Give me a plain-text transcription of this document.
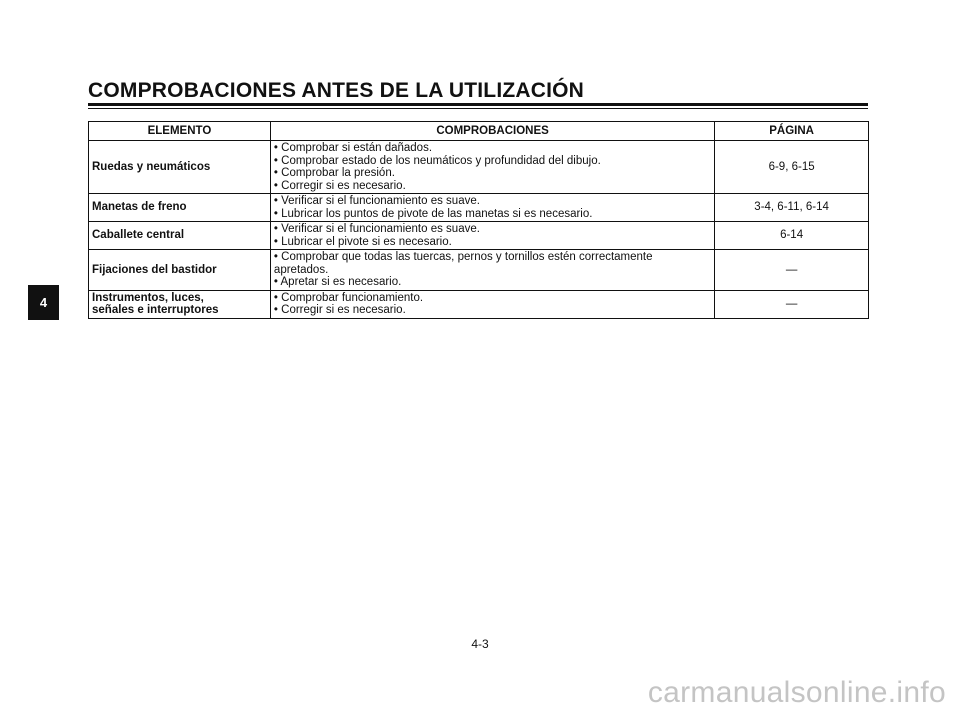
COMPROBACIONES ANTES DE LA UTILIZACIÓN
ELEMENTO	COMPROBACIONES	PÁGINA

Ruedas y neumáticos	• Comprobar si están dañados.
• Comprobar estado de los neumáticos y profundidad del dibujo.
• Comprobar la presión.
• Corregir si es necesario.	6-9, 6-15

Manetas de freno	• Verificar si el funcionamiento es suave.
• Lubricar los puntos de pivote de las manetas si es necesario.	3-4, 6-11, 6-14

Caballete central	• Verificar si el funcionamiento es suave.
• Lubricar el pivote si es necesario.	6-14

Fijaciones del bastidor	• Comprobar que todas las tuercas, pernos y tornillos estén correctamente
apretados.
• Apretar si es necesario.	—

Instrumentos, luces,
señales e interruptores	• Comprobar funcionamiento.
• Corregir si es necesario.	—
4
4-3
carmanualsonline.info
